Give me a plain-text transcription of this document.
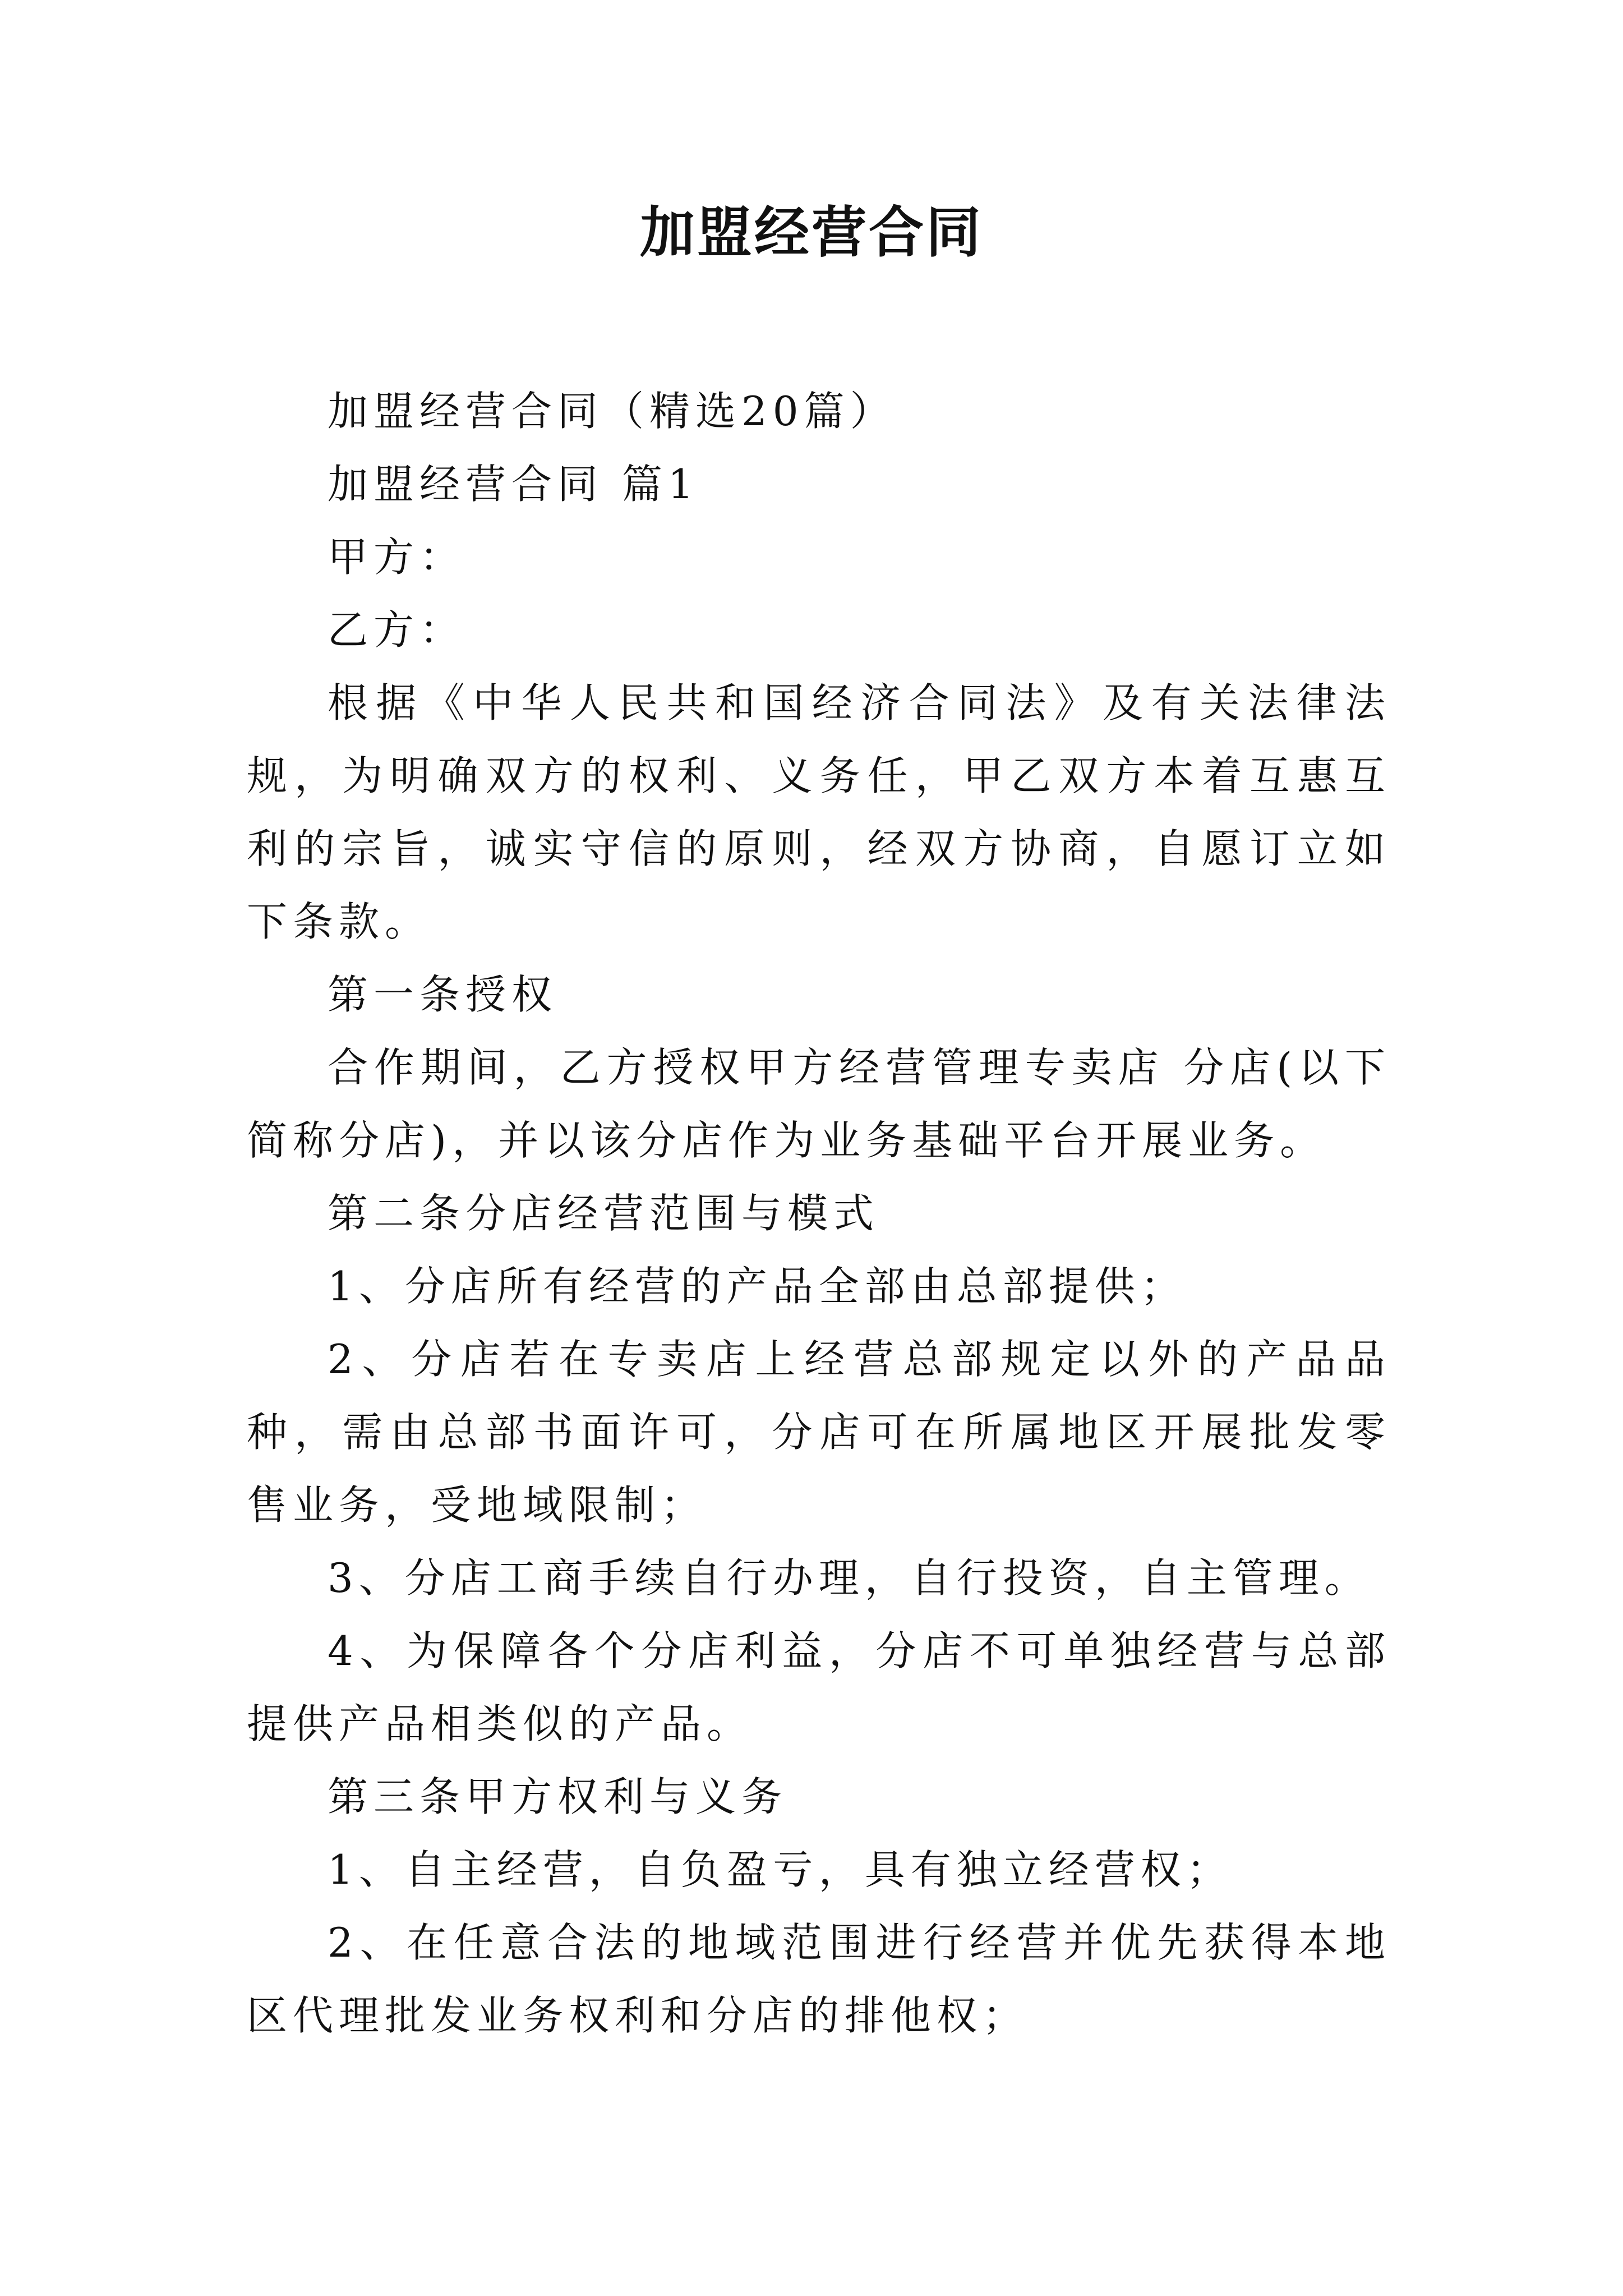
加盟经营合同

加盟经营合同（精选20篇）

加盟经营合同 篇1

甲方：

乙方：

根据《中华人民共和国经济合同法》及有关法律法规，为明确双方的权利、义务任，甲乙双方本着互惠互利的宗旨，诚实守信的原则，经双方协商，自愿订立如下条款。

第一条授权

合作期间，乙方授权甲方经营管理专卖店 分店(以下简称分店)，并以该分店作为业务基础平台开展业务。

第二条分店经营范围与模式

1、分店所有经营的产品全部由总部提供；

2、分店若在专卖店上经营总部规定以外的产品品种，需由总部书面许可，分店可在所属地区开展批发零售业务，受地域限制；

3、分店工商手续自行办理，自行投资，自主管理。

4、为保障各个分店利益，分店不可单独经营与总部提供产品相类似的产品。

第三条甲方权利与义务

1、自主经营，自负盈亏，具有独立经营权；

2、在任意合法的地域范围进行经营并优先获得本地区代理批发业务权利和分店的排他权；
